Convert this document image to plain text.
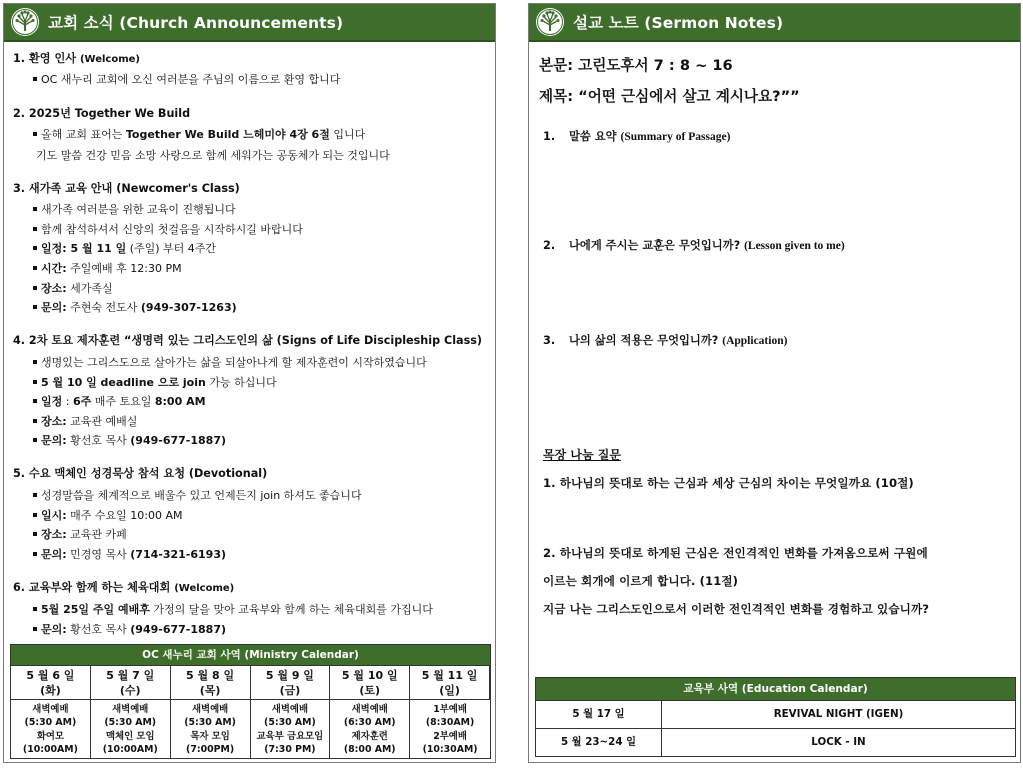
교회 소식 (Church Announcements)
1. 환영 인사 (Welcome)
OC 새누리 교회에 오신 여러분을 주님의 이름으로 환영 합니다
2. 2025년 Together We Build
올해 교회 표어는 Together We Build 느헤미야 4장 6절 입니다
기도 말씀 건강 믿음 소망 사랑으로 함께 세워가는 공동체가 되는 것입니다
3. 새가족 교육 안내 (Newcomer's Class)
새가족 여러분을 위한 교육이 진행됩니다
함께 참석하셔서 신앙의 첫걸음을 시작하시길 바랍니다
일정: 5 월 11 일 (주일) 부터 4주간
시간: 주일예배 후 12:30 PM
장소: 세가족실
문의: 주현숙 전도사 (949-307-1263)
4. 2차 토요 제자훈련 “생명력 있는 그리스도인의 삶 (Signs of Life Discipleship Class)
생명있는 그리스도으로 살아가는 삶을 되살아나게 할 제자훈련이 시작하였습니다
5 월 10 일 deadline 으로 join 가능 하십니다
일정 : 6주 매주 토요일 8:00 AM
장소: 교육관 예배실
문의: 황선호 목사 (949-677-1887)
5. 수요 맥체인 성경묵상 참석 요청 (Devotional)
성경말씀을 체계적으로 배울수 있고 언제든지 join 하셔도 좋습니다
일시: 매주 수요일 10:00 AM
장소: 교육관 카페
문의: 민경영 목사 (714-321-6193)
6. 교육부와 함께 하는 체육대회 (Welcome)
5월 25일 주일 예배후 가정의 달을 맞아 교육부와 함께 하는 체육대회를 가집니다
문의: 황선호 목사 (949-677-1887)
OC 새누리 교회 사역 (Ministry Calendar)
5 월 6 일
(화)
5 월 7 일
(수)
5 월 8 일
(목)
5 월 9 일
(금)
5 월 10 일
(토)
5 월 11 일
(일)
새벽예배
(5:30 AM)
화여모
(10:00AM)
새벽예배
(5:30 AM)
맥체인 모임
(10:00AM)
새벽예배
(5:30 AM)
목자 모임
(7:00PM)
새벽예배
(5:30 AM)
교육부 금요모임
(7:30 PM)
새벽예배
(6:30 AM)
제자훈련
(8:00 AM)
1부예배
(8:30AM)
2부예배
(10:30AM)
설교 노트 (Sermon Notes)
본문: 고린도후서 7 : 8 ~ 16
제목: “어떤 근심에서 살고 계시나요?””
1. 말씀 요약 (Summary of Passage)
2. 나에게 주시는 교훈은 무엇입니까? (Lesson given to me)
3. 나의 삶의 적용은 무엇입니까? (Application)
목장 나눔 질문
1. 하나님의 뜻대로 하는 근심과 세상 근심의 차이는 무엇일까요 (10절)
2. 하나님의 뜻대로 하게된 근심은 전인격적인 변화를 가져옴으로써 구원에
이르는 회개에 이르게 합니다. (11절)
지금 나는 그리스도인으로서 이러한 전인격적인 변화를 경험하고 있습니까?
교육부 사역 (Education Calendar)
5 월 17 일	REVIVAL NIGHT (IGEN)
5 월 23~24 일	LOCK - IN
